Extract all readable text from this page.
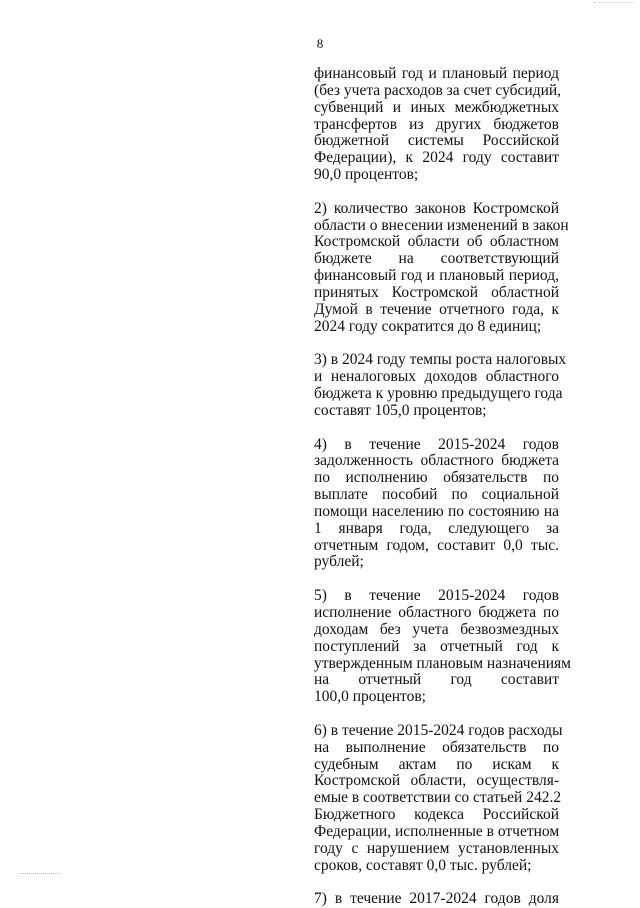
8
финансовый год и плановый период
(без учета расходов за счет субсидий,
субвенций и иных межбюджетных
трансфертов из других бюджетов
бюджетной системы Российской
Федерации), к 2024 году составит
90,0 процентов;
2) количество законов Костромской
области о внесении изменений в закон
Костромской области об областном
бюджете на соответствующий
финансовый год и плановый период,
принятых Костромской областной
Думой в течение отчетного года, к
2024 году сократится до 8 единиц;
3) в 2024 году темпы роста налоговых
и неналоговых доходов областного
бюджета к уровню предыдущего года
составят 105,0 процентов;
4) в течение 2015-2024 годов
задолженность областного бюджета
по исполнению обязательств по
выплате пособий по социальной
помощи населению по состоянию на
1 января года, следующего за
отчетным годом, составит 0,0 тыс.
рублей;
5) в течение 2015-2024 годов
исполнение областного бюджета по
доходам без учета безвозмездных
поступлений за отчетный год к
утвержденным плановым назначениям
на отчетный год составит
100,0 процентов;
6) в течение 2015-2024 годов расходы
на выполнение обязательств по
судебным актам по искам к
Костромской области, осуществля-
емые в соответствии со статьей 242.2
Бюджетного кодекса Российской
Федерации, исполненные в отчетном
году с нарушением установленных
сроков, составят 0,0 тыс. рублей;
7) в течение 2017-2024 годов доля
